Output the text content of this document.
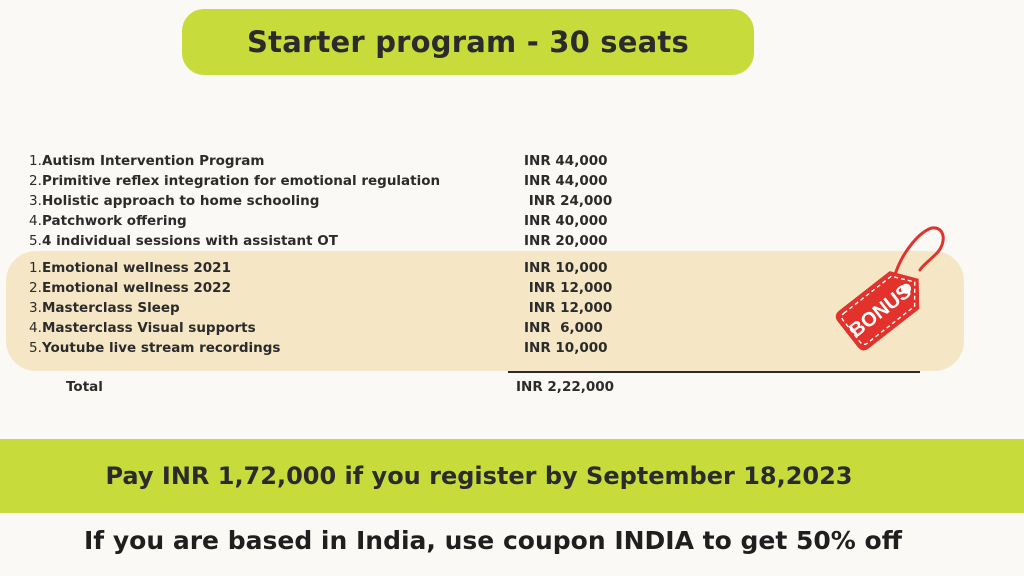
Starter program - 30 seats
1. Autism Intervention Program	INR 44,000
2. Primitive reflex integration for emotional regulation	INR 44,000
3. Holistic approach to home schooling	INR 24,000
4. Patchwork offering	INR 40,000
5. 4 individual sessions with assistant OT	INR 20,000
1. Emotional wellness 2021	INR 10,000
2. Emotional wellness 2022	INR 12,000
3. Masterclass Sleep	INR 12,000
4. Masterclass Visual supports	INR  6,000
5. Youtube live stream recordings	INR 10,000
BONUS
Total	INR 2,22,000
Pay INR 1,72,000 if you register by September 18,2023
If you are based in India, use coupon INDIA to get 50% off
